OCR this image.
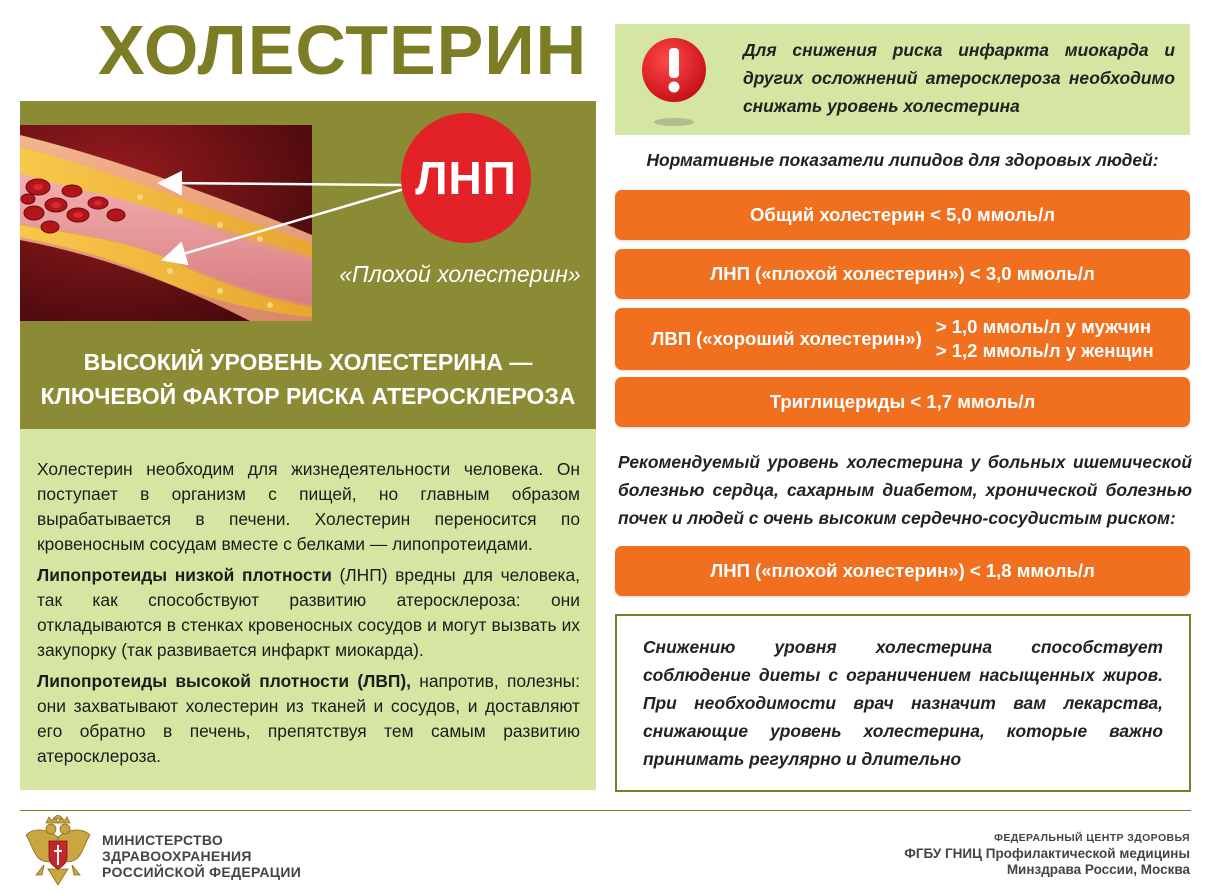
ХОЛЕСТЕРИН
ЛНП
«Плохой холестерин»
ВЫСОКИЙ УРОВЕНЬ ХОЛЕСТЕРИНА —
КЛЮЧЕВОЙ ФАКТОР РИСКА АТЕРОСКЛЕРОЗА

Холестерин необходим для жизнедеятельности человека. Он поступает в организм с пищей, но главным образом вырабатывается в печени. Холестерин переносится по кровеносным сосудам вместе с белками — липопротеидами.

Липопротеиды низкой плотности (ЛНП) вредны для человека, так как способствуют развитию атеросклероза: они откладываются в стенках кровеносных сосудов и могут вызвать их закупорку (так развивается инфаркт миокарда).

Липопротеиды высокой плотности (ЛВП), напротив, полезны: они захватывают холестерин из тканей и сосудов, и доставляют его обратно в печень, препятствуя тем самым развитию атеросклероза.

Для снижения риска инфаркта миокарда и других осложнений атеросклероза необходимо снижать уровень холестерина
Нормативные показатели липидов для здоровых людей:
Общий холестерин < 5,0 ммоль/л
ЛНП («плохой холестерин») < 3,0 ммоль/л
ЛВП («хороший холестерин»)
> 1,0 ммоль/л у мужчин
> 1,2 ммоль/л у женщин
Триглицериды < 1,7 ммоль/л
Рекомендуемый уровень холестерина у больных ишемической болезнью сердца, сахарным диабетом, хронической болезнью почек и людей с очень высоким сердечно-сосудистым риском:
ЛНП («плохой холестерин») < 1,8 ммоль/л

Снижению уровня холестерина способствует соблюдение диеты с ограничением насыщенных жиров. При необходимости врач назначит вам лекарства, снижающие уровень холестерина, которые важно принимать регулярно и длительно

МИНИСТЕРСТВО
ЗДРАВООХРАНЕНИЯ
РОССИЙСКОЙ ФЕДЕРАЦИИ
ФЕДЕРАЛЬНЫЙ ЦЕНТР ЗДОРОВЬЯ
ФГБУ ГНИЦ Профилактической медицины
Минздрава России, Москва
